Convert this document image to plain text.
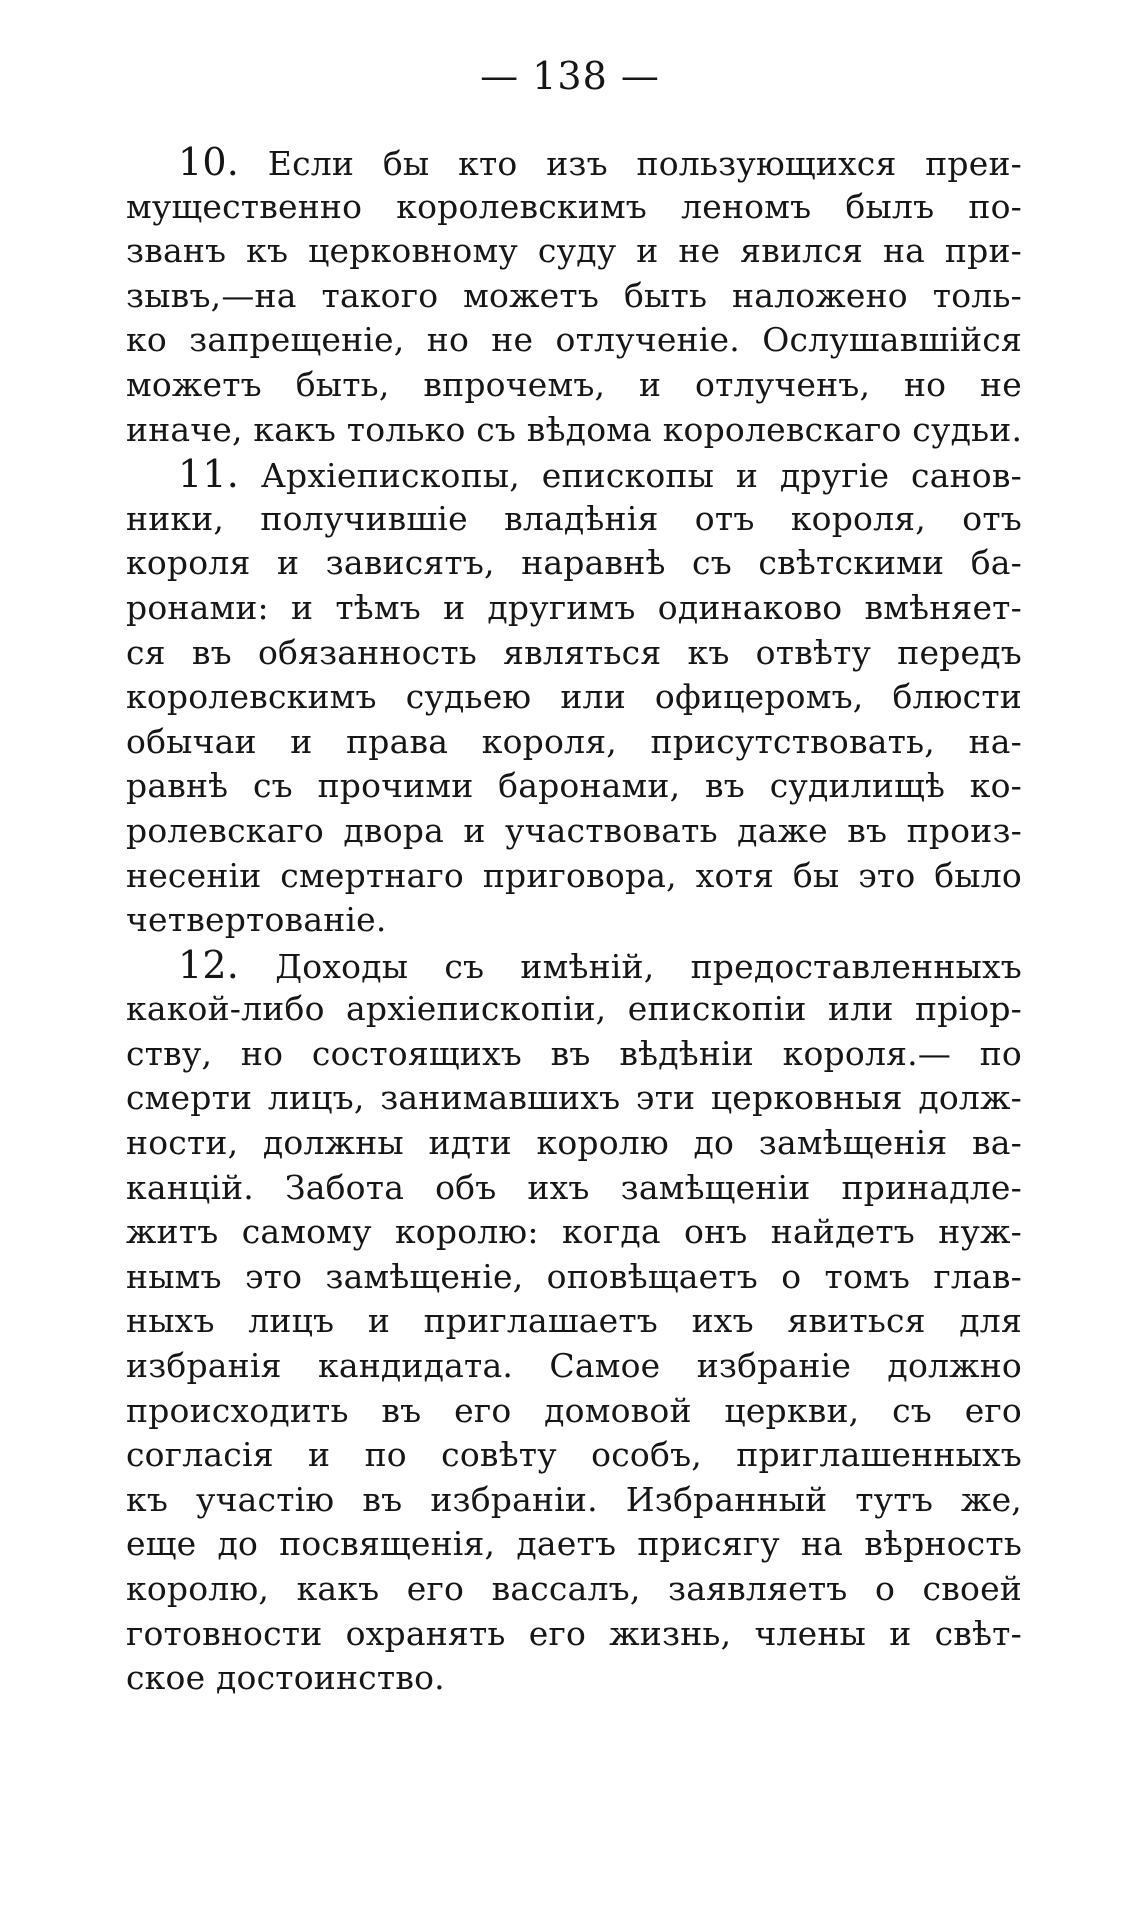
— 138 —
10. Если бы кто изъ пользующихся преи-
мущественно королевскимъ леномъ былъ по-
званъ къ церковному суду и не явился на при-
зывъ,—на такого можетъ быть наложено толь-
ко запрещеніе, но не отлученіе. Ослушавшійся
можетъ быть, впрочемъ, и отлученъ, но не
иначе, какъ только съ вѣдома королевскаго судьи.
11. Архіепископы, епископы и другіе санов-
ники, получившіе владѣнія отъ короля, отъ
короля и зависятъ, наравнѣ съ свѣтскими ба-
ронами: и тѣмъ и другимъ одинаково вмѣняет-
ся въ обязанность являться къ отвѣту передъ
королевскимъ судьею или офицеромъ, блюсти
обычаи и права короля, присутствовать, на-
равнѣ съ прочими баронами, въ судилищѣ ко-
ролевскаго двора и участвовать даже въ произ-
несеніи смертнаго приговора, хотя бы это было
четвертованіе.
12. Доходы съ имѣній, предоставленныхъ
какой-либо архіепископіи, епископіи или пріор-
ству, но состоящихъ въ вѣдѣніи короля.— по
смерти лицъ, занимавшихъ эти церковныя долж-
ности, должны идти королю до замѣщенія ва-
канцій. Забота объ ихъ замѣщеніи принадле-
житъ самому королю: когда онъ найдетъ нуж-
нымъ это замѣщеніе, оповѣщаетъ о томъ глав-
ныхъ лицъ и приглашаетъ ихъ явиться для
избранія кандидата. Самое избраніе должно
происходить въ его домовой церкви, съ его
согласія и по совѣту особъ, приглашенныхъ
къ участію въ избраніи. Избранный тутъ же,
еще до посвященія, даетъ присягу на вѣрность
королю, какъ его вассалъ, заявляетъ о своей
готовности охранять его жизнь, члены и свѣт-
ское достоинство.
